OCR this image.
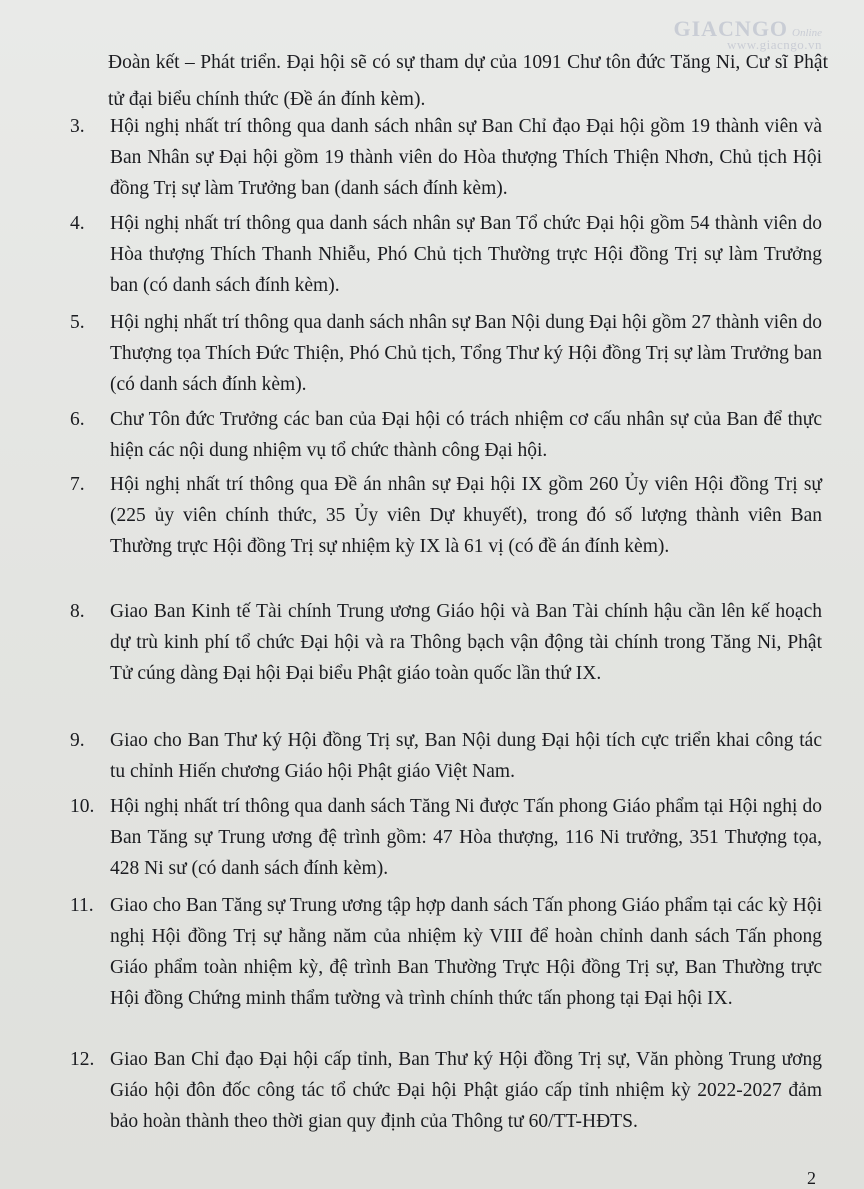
GIACNGO Online
www.giacngo.vn
Đoàn kết – Phát triển. Đại hội sẽ có sự tham dự của 1091 Chư tôn đức Tăng Ni, Cư sĩ Phật tử đại biểu chính thức (Đề án đính kèm).
3.	Hội nghị nhất trí thông qua danh sách nhân sự Ban Chỉ đạo Đại hội gồm 19 thành viên và Ban Nhân sự Đại hội gồm 19 thành viên do Hòa thượng Thích Thiện Nhơn, Chủ tịch Hội đồng Trị sự làm Trưởng ban (danh sách đính kèm).
4.	Hội nghị nhất trí thông qua danh sách nhân sự Ban Tổ chức Đại hội gồm 54 thành viên do Hòa thượng Thích Thanh Nhiễu, Phó Chủ tịch Thường trực Hội đồng Trị sự làm Trưởng ban (có danh sách đính kèm).
5.	Hội nghị nhất trí thông qua danh sách nhân sự Ban Nội dung Đại hội gồm 27 thành viên do Thượng tọa Thích Đức Thiện, Phó Chủ tịch, Tổng Thư ký Hội đồng Trị sự làm Trưởng ban (có danh sách đính kèm).
6.	Chư Tôn đức Trưởng các ban của Đại hội có trách nhiệm cơ cấu nhân sự của Ban để thực hiện các nội dung nhiệm vụ tổ chức thành công Đại hội.
7.	Hội nghị nhất trí thông qua Đề án nhân sự Đại hội IX gồm 260 Ủy viên Hội đồng Trị sự (225 ủy viên chính thức, 35 Ủy viên Dự khuyết), trong đó số lượng thành viên Ban Thường trực Hội đồng Trị sự nhiệm kỳ IX là 61 vị (có đề án đính kèm).
8.	Giao Ban Kinh tế Tài chính Trung ương Giáo hội và Ban Tài chính hậu cần lên kế hoạch dự trù kinh phí tổ chức Đại hội và ra Thông bạch vận động tài chính trong Tăng Ni, Phật Tử cúng dàng Đại hội Đại biểu Phật giáo toàn quốc lần thứ IX.
9.	Giao cho Ban Thư ký Hội đồng Trị sự, Ban Nội dung Đại hội tích cực triển khai công tác tu chỉnh Hiến chương Giáo hội Phật giáo Việt Nam.
10. Hội nghị nhất trí thông qua danh sách Tăng Ni được Tấn phong Giáo phẩm tại Hội nghị do Ban Tăng sự Trung ương đệ trình gồm: 47 Hòa thượng, 116 Ni trưởng, 351 Thượng tọa, 428 Ni sư (có danh sách đính kèm).
11. Giao cho Ban Tăng sự Trung ương tập hợp danh sách Tấn phong Giáo phẩm tại các kỳ Hội nghị Hội đồng Trị sự hằng năm của nhiệm kỳ VIII để hoàn chỉnh danh sách Tấn phong Giáo phẩm toàn nhiệm kỳ, đệ trình Ban Thường Trực Hội đồng Trị sự, Ban Thường trực Hội đồng Chứng minh thẩm tường và trình chính thức tấn phong tại Đại hội IX.
12. Giao Ban Chỉ đạo Đại hội cấp tỉnh, Ban Thư ký Hội đồng Trị sự, Văn phòng Trung ương Giáo hội đôn đốc công tác tổ chức Đại hội Phật giáo cấp tỉnh nhiệm kỳ 2022-2027 đảm bảo hoàn thành theo thời gian quy định của Thông tư 60/TT-HĐTS.
2
